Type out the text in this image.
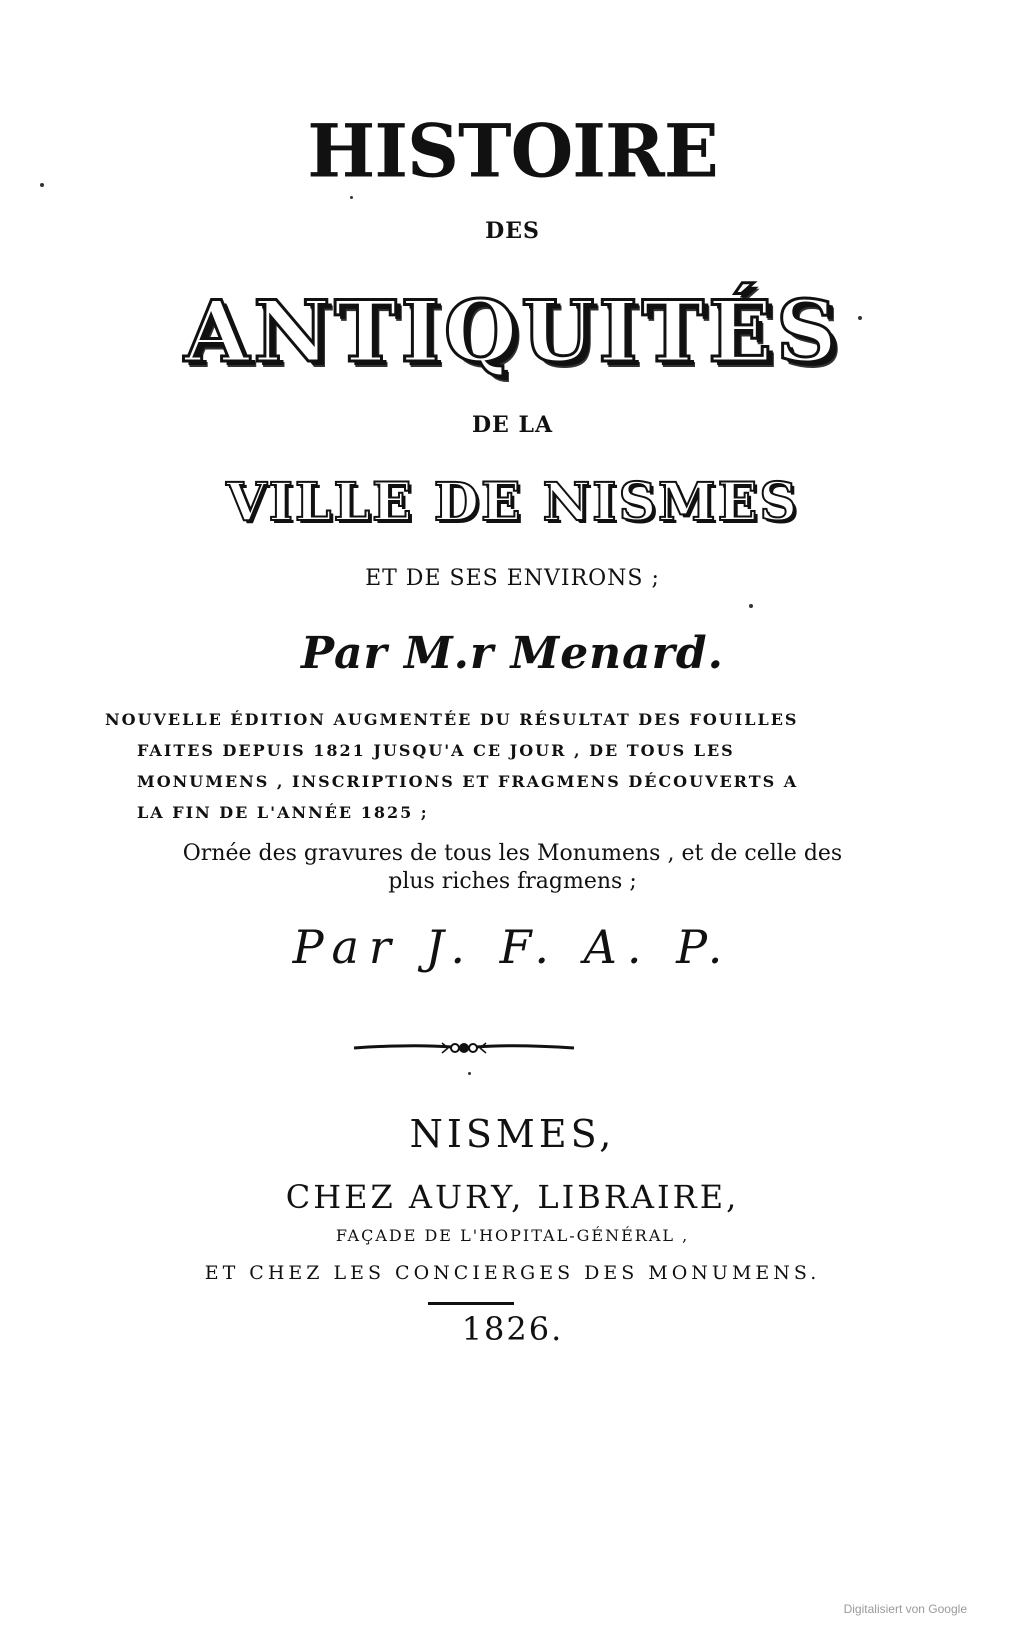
HISTOIRE
DES
ANTIQUITÉS
DE LA
VILLE DE NISMES
ET DE SES ENVIRONS ;
Par M.r Menard.
NOUVELLE ÉDITION AUGMENTÉE DU RÉSULTAT DES FOUILLES
FAITES DEPUIS 1821 JUSQU'A CE JOUR , DE TOUS LES
MONUMENS , INSCRIPTIONS ET FRAGMENS DÉCOUVERTS A
LA FIN DE L'ANNÉE 1825 ;
Ornée des gravures de tous les Monumens , et de celle des
plus riches fragmens ;
Par J. F. A. P.
NISMES,
CHEZ AURY, LIBRAIRE,
FAÇADE DE L'HOPITAL-GÉNÉRAL ,
ET CHEZ LES CONCIERGES DES MONUMENS.
1826.
Digitalisiert von Google
